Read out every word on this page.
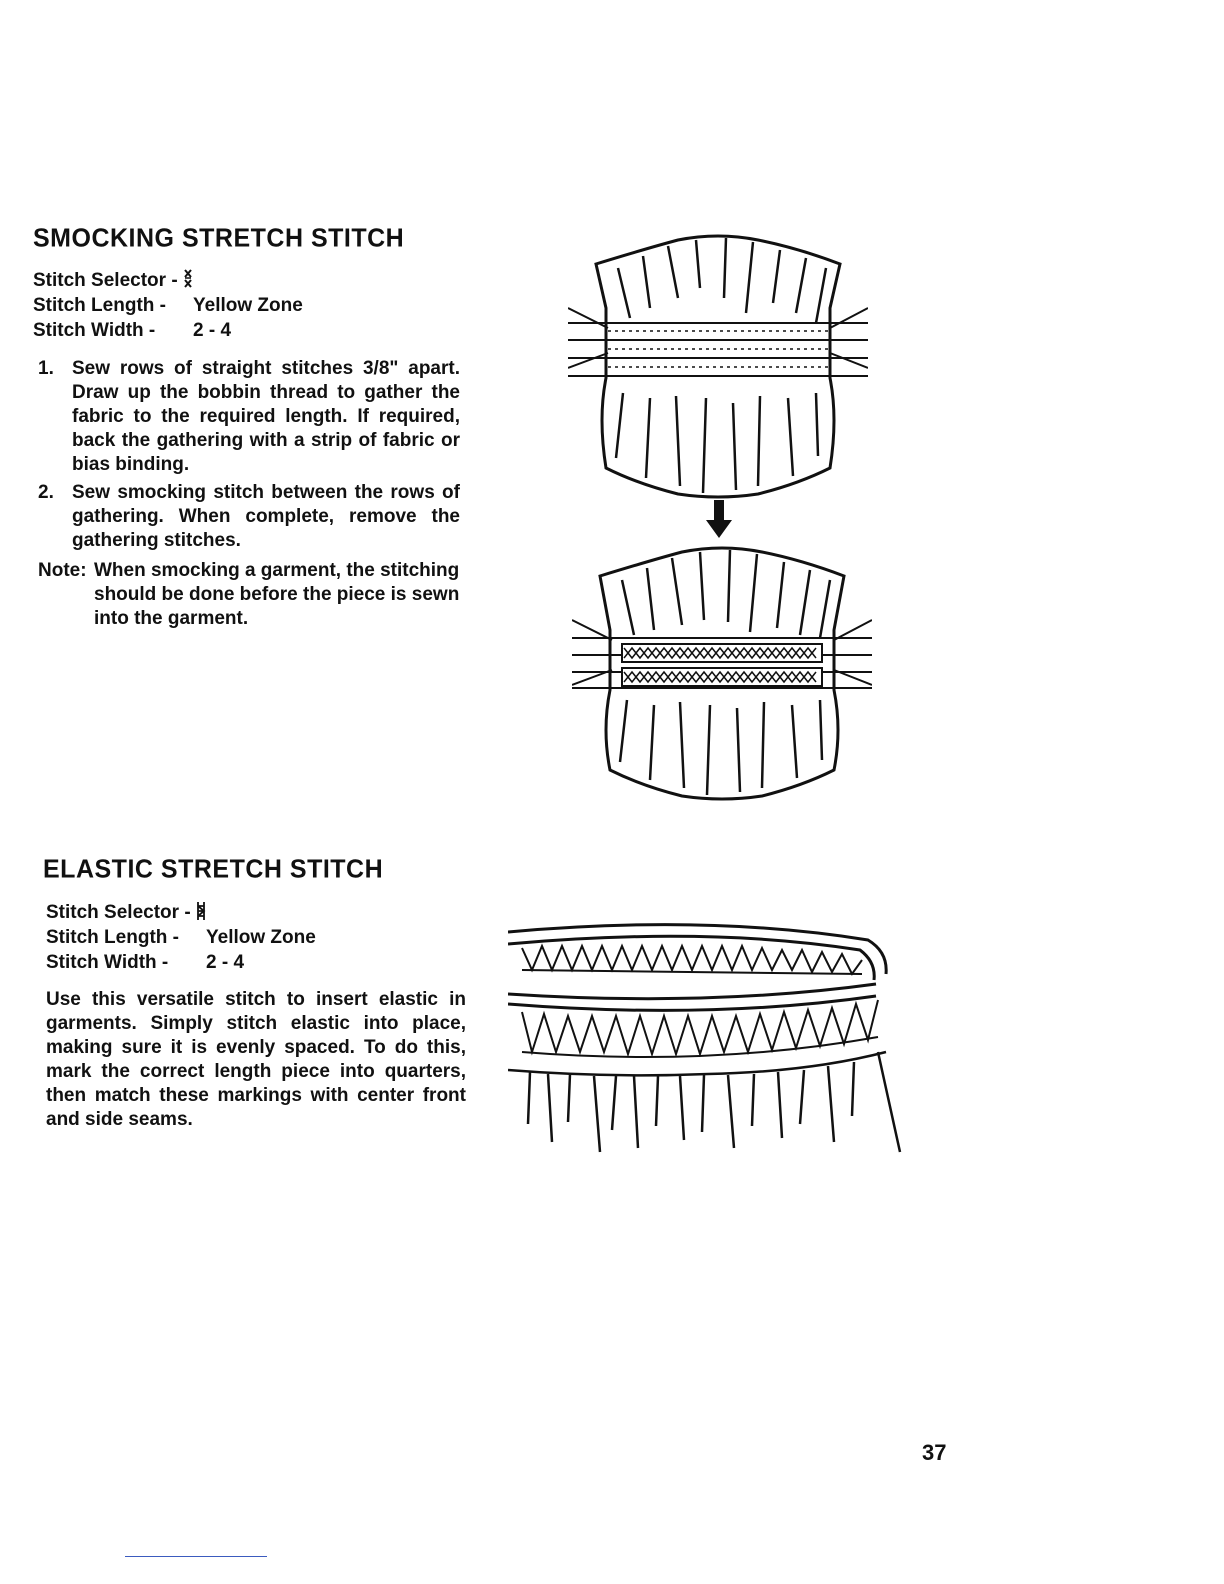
SMOCKING STRETCH STITCH
Stitch Selector -
Stitch Length - Yellow Zone
Stitch Width - 2 - 4
1. Sew rows of straight stitches 3/8" apart. Draw up the bobbin thread to gather the fabric to the required length. If required, back the gathering with a strip of fabric or bias binding.
2. Sew smocking stitch between the rows of gathering. When complete, remove the gathering stitches.
Note: When smocking a garment, the stitching should be done before the piece is sewn into the garment.
ELASTIC STRETCH STITCH
Stitch Selector -
Stitch Length - Yellow Zone
Stitch Width - 2 - 4
Use this versatile stitch to insert elastic in garments. Simply stitch elastic into place, making sure it is evenly spaced. To do this, mark the correct length piece into quarters, then match these markings with center front and side seams.
37
